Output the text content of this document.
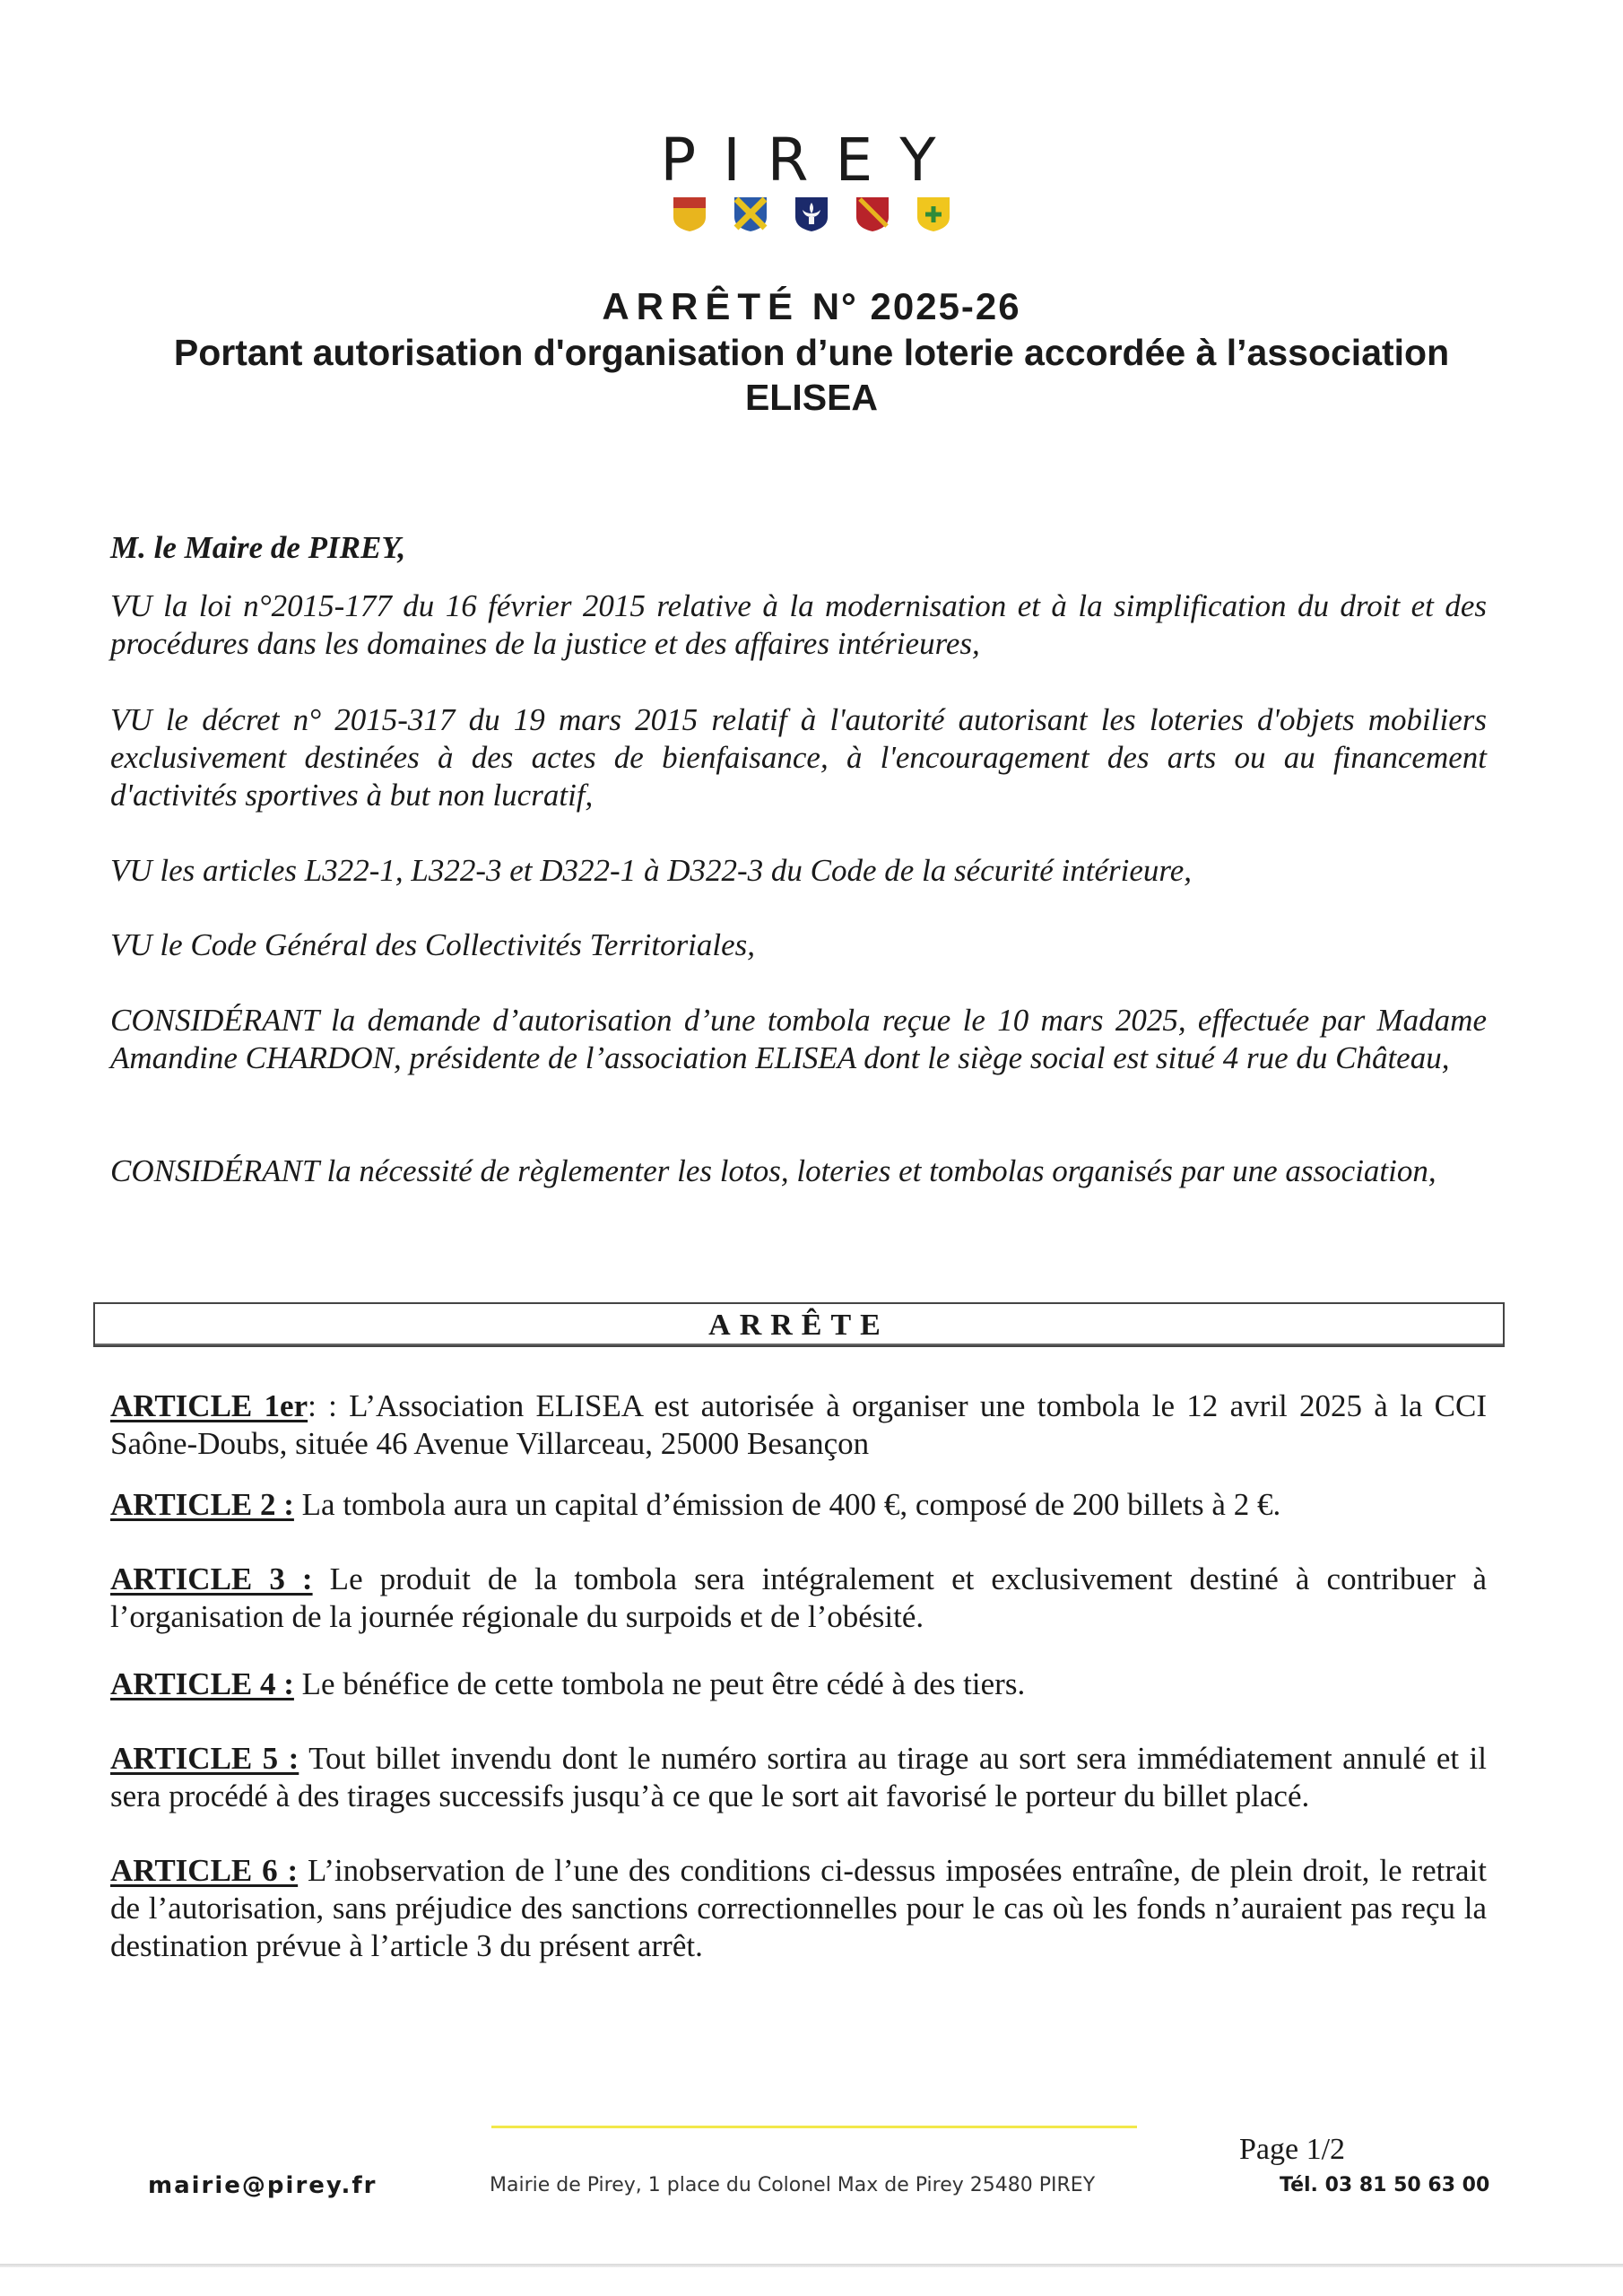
PIREY
ARRÊTÉ N° 2025-26
Portant autorisation d'organisation d’une loterie accordée à l’association
ELISEA

M. le Maire de PIREY,

VU la loi n°2015-177 du 16 février 2015 relative à la modernisation et à la simplification du droit et des procédures dans les domaines de la justice et des affaires intérieures,

VU le décret n° 2015-317 du 19 mars 2015 relatif à l'autorité autorisant les loteries d'objets mobiliers exclusivement destinées à des actes de bienfaisance, à l'encouragement des arts ou au financement d'activités sportives à but non lucratif,

VU les articles L322-1, L322-3 et D322-1 à D322-3 du Code de la sécurité intérieure,

VU le Code Général des Collectivités Territoriales,

CONSIDÉRANT la demande d’autorisation d’une tombola reçue le 10 mars 2025, effectuée par Madame Amandine CHARDON, présidente de l’association ELISEA dont le siège social est situé 4 rue du Château,

CONSIDÉRANT la nécessité de règlementer les lotos, loteries et tombolas organisés par une association,

ARRÊTE

ARTICLE 1er: : L’Association ELISEA est autorisée à organiser une tombola le 12 avril 2025 à la CCI Saône-Doubs, située 46 Avenue Villarceau, 25000 Besançon

ARTICLE 2 : La tombola aura un capital d’émission de 400 €, composé de 200 billets à 2 €.

ARTICLE 3 : Le produit de la tombola sera intégralement et exclusivement destiné à contribuer à l’organisation de la journée régionale du surpoids et de l’obésité.

ARTICLE 4 : Le bénéfice de cette tombola ne peut être cédé à des tiers.

ARTICLE 5 : Tout billet invendu dont le numéro sortira au tirage au sort sera immédiatement annulé et il sera procédé à des tirages successifs jusqu’à ce que le sort ait favorisé le porteur du billet placé.

ARTICLE 6 : L’inobservation de l’une des conditions ci-dessus imposées entraîne, de plein droit, le retrait de l’autorisation, sans préjudice des sanctions correctionnelles pour le cas où les fonds n’auraient pas reçu la destination prévue à l’article 3 du présent arrêt.

Page 1/2
mairie@pirey.fr	Mairie de Pirey, 1 place du Colonel Max de Pirey 25480 PIREY	Tél. 03 81 50 63 00
